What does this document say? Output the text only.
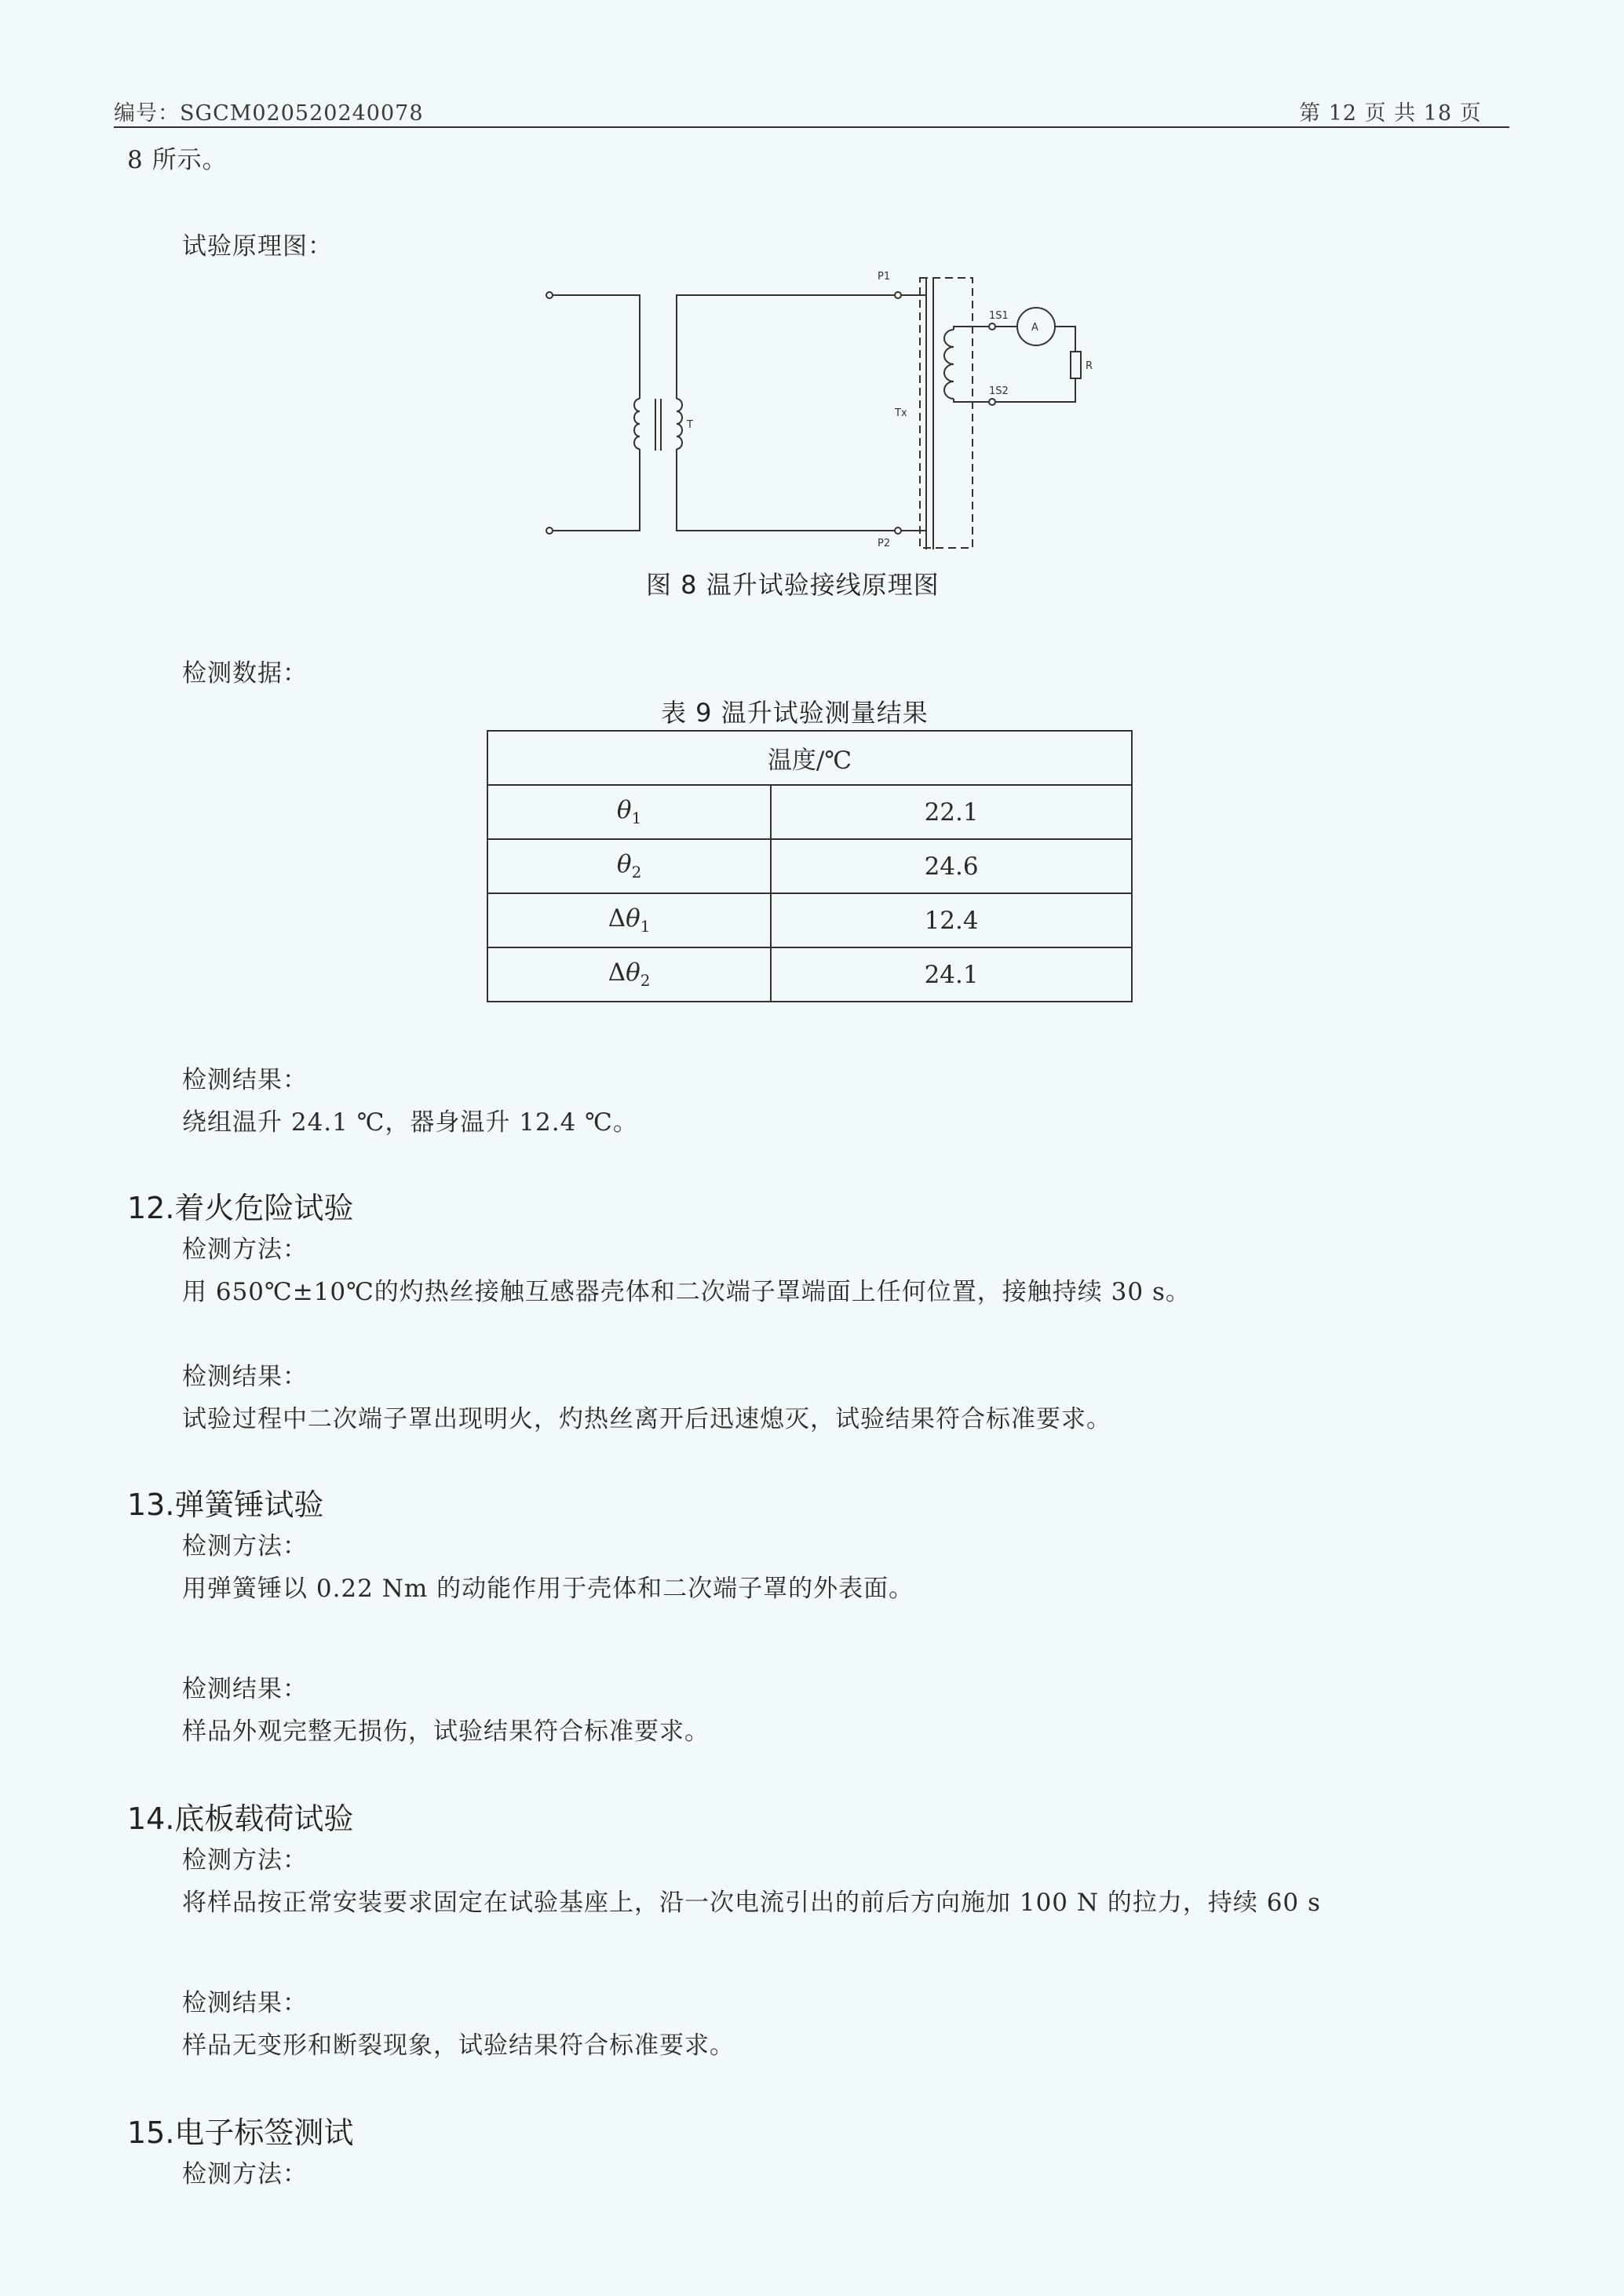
编号：SGCM020520240078	第 12 页 共 18 页
8 所示。
试验原理图：
P1
P2
1S1
1S2
T
Tx
R
A
图 8 温升试验接线原理图
检测数据：
表 9 温升试验测量结果
温度/℃	
$\theta_1$	22.1
$\theta_2$	24.6
$\Delta\theta_1$	12.4
$\Delta\theta_2$	24.1
检测结果：
绕组温升 24.1 ℃，器身温升 12.4 ℃。
12.着火危险试验
检测方法：
用 650℃±10℃的灼热丝接触互感器壳体和二次端子罩端面上任何位置，接触持续 30 s。
检测结果：
试验过程中二次端子罩出现明火，灼热丝离开后迅速熄灭，试验结果符合标准要求。
13.弹簧锤试验
检测方法：
用弹簧锤以 0.22 Nm 的动能作用于壳体和二次端子罩的外表面。
检测结果：
样品外观完整无损伤，试验结果符合标准要求。
14.底板载荷试验
检测方法：
将样品按正常安装要求固定在试验基座上，沿一次电流引出的前后方向施加 100 N 的拉力，持续 60 s
检测结果：
样品无变形和断裂现象，试验结果符合标准要求。
15.电子标签测试
检测方法：
